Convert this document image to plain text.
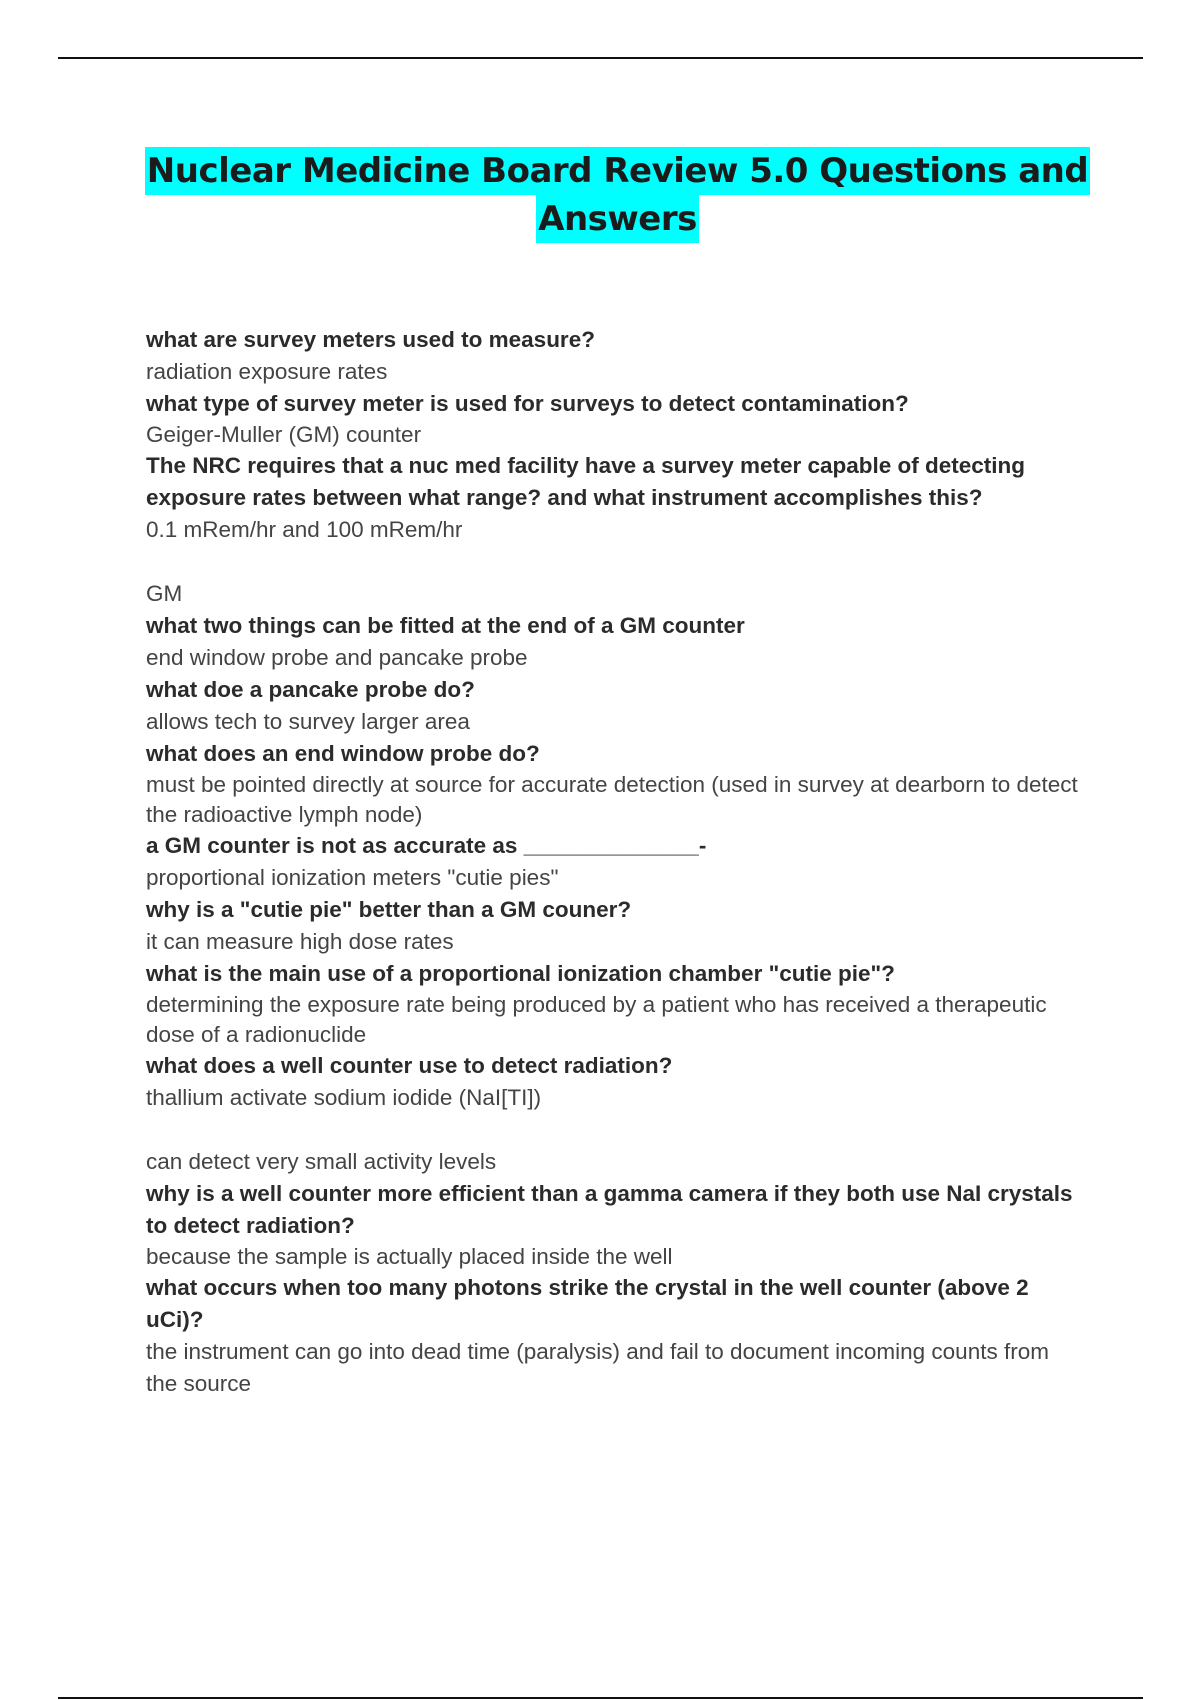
Nuclear Medicine Board Review 5.0 Questions and
Answers

what are survey meters used to measure?

radiation exposure rates

what type of survey meter is used for surveys to detect contamination?

Geiger-Muller (GM) counter

The NRC requires that a nuc med facility have a survey meter capable of detecting exposure rates between what range? and what instrument accomplishes this?

0.1 mRem/hr and 100 mRem/hr

GM

what two things can be fitted at the end of a GM counter

end window probe and pancake probe

what doe a pancake probe do?

allows tech to survey larger area

what does an end window probe do?

must be pointed directly at source for accurate detection (used in survey at dearborn to detect the radioactive lymph node)

a GM counter is not as accurate as ______________-

proportional ionization meters "cutie pies"

why is a "cutie pie" better than a GM couner?

it can measure high dose rates

what is the main use of a proportional ionization chamber "cutie pie"?

determining the exposure rate being produced by a patient who has received a therapeutic dose of a radionuclide

what does a well counter use to detect radiation?

thallium activate sodium iodide (NaI[TI])

can detect very small activity levels

why is a well counter more efficient than a gamma camera if they both use NaI crystals to detect radiation?

because the sample is actually placed inside the well

what occurs when too many photons strike the crystal in the well counter (above 2 uCi)?

the instrument can go into dead time (paralysis) and fail to document incoming counts from the source
